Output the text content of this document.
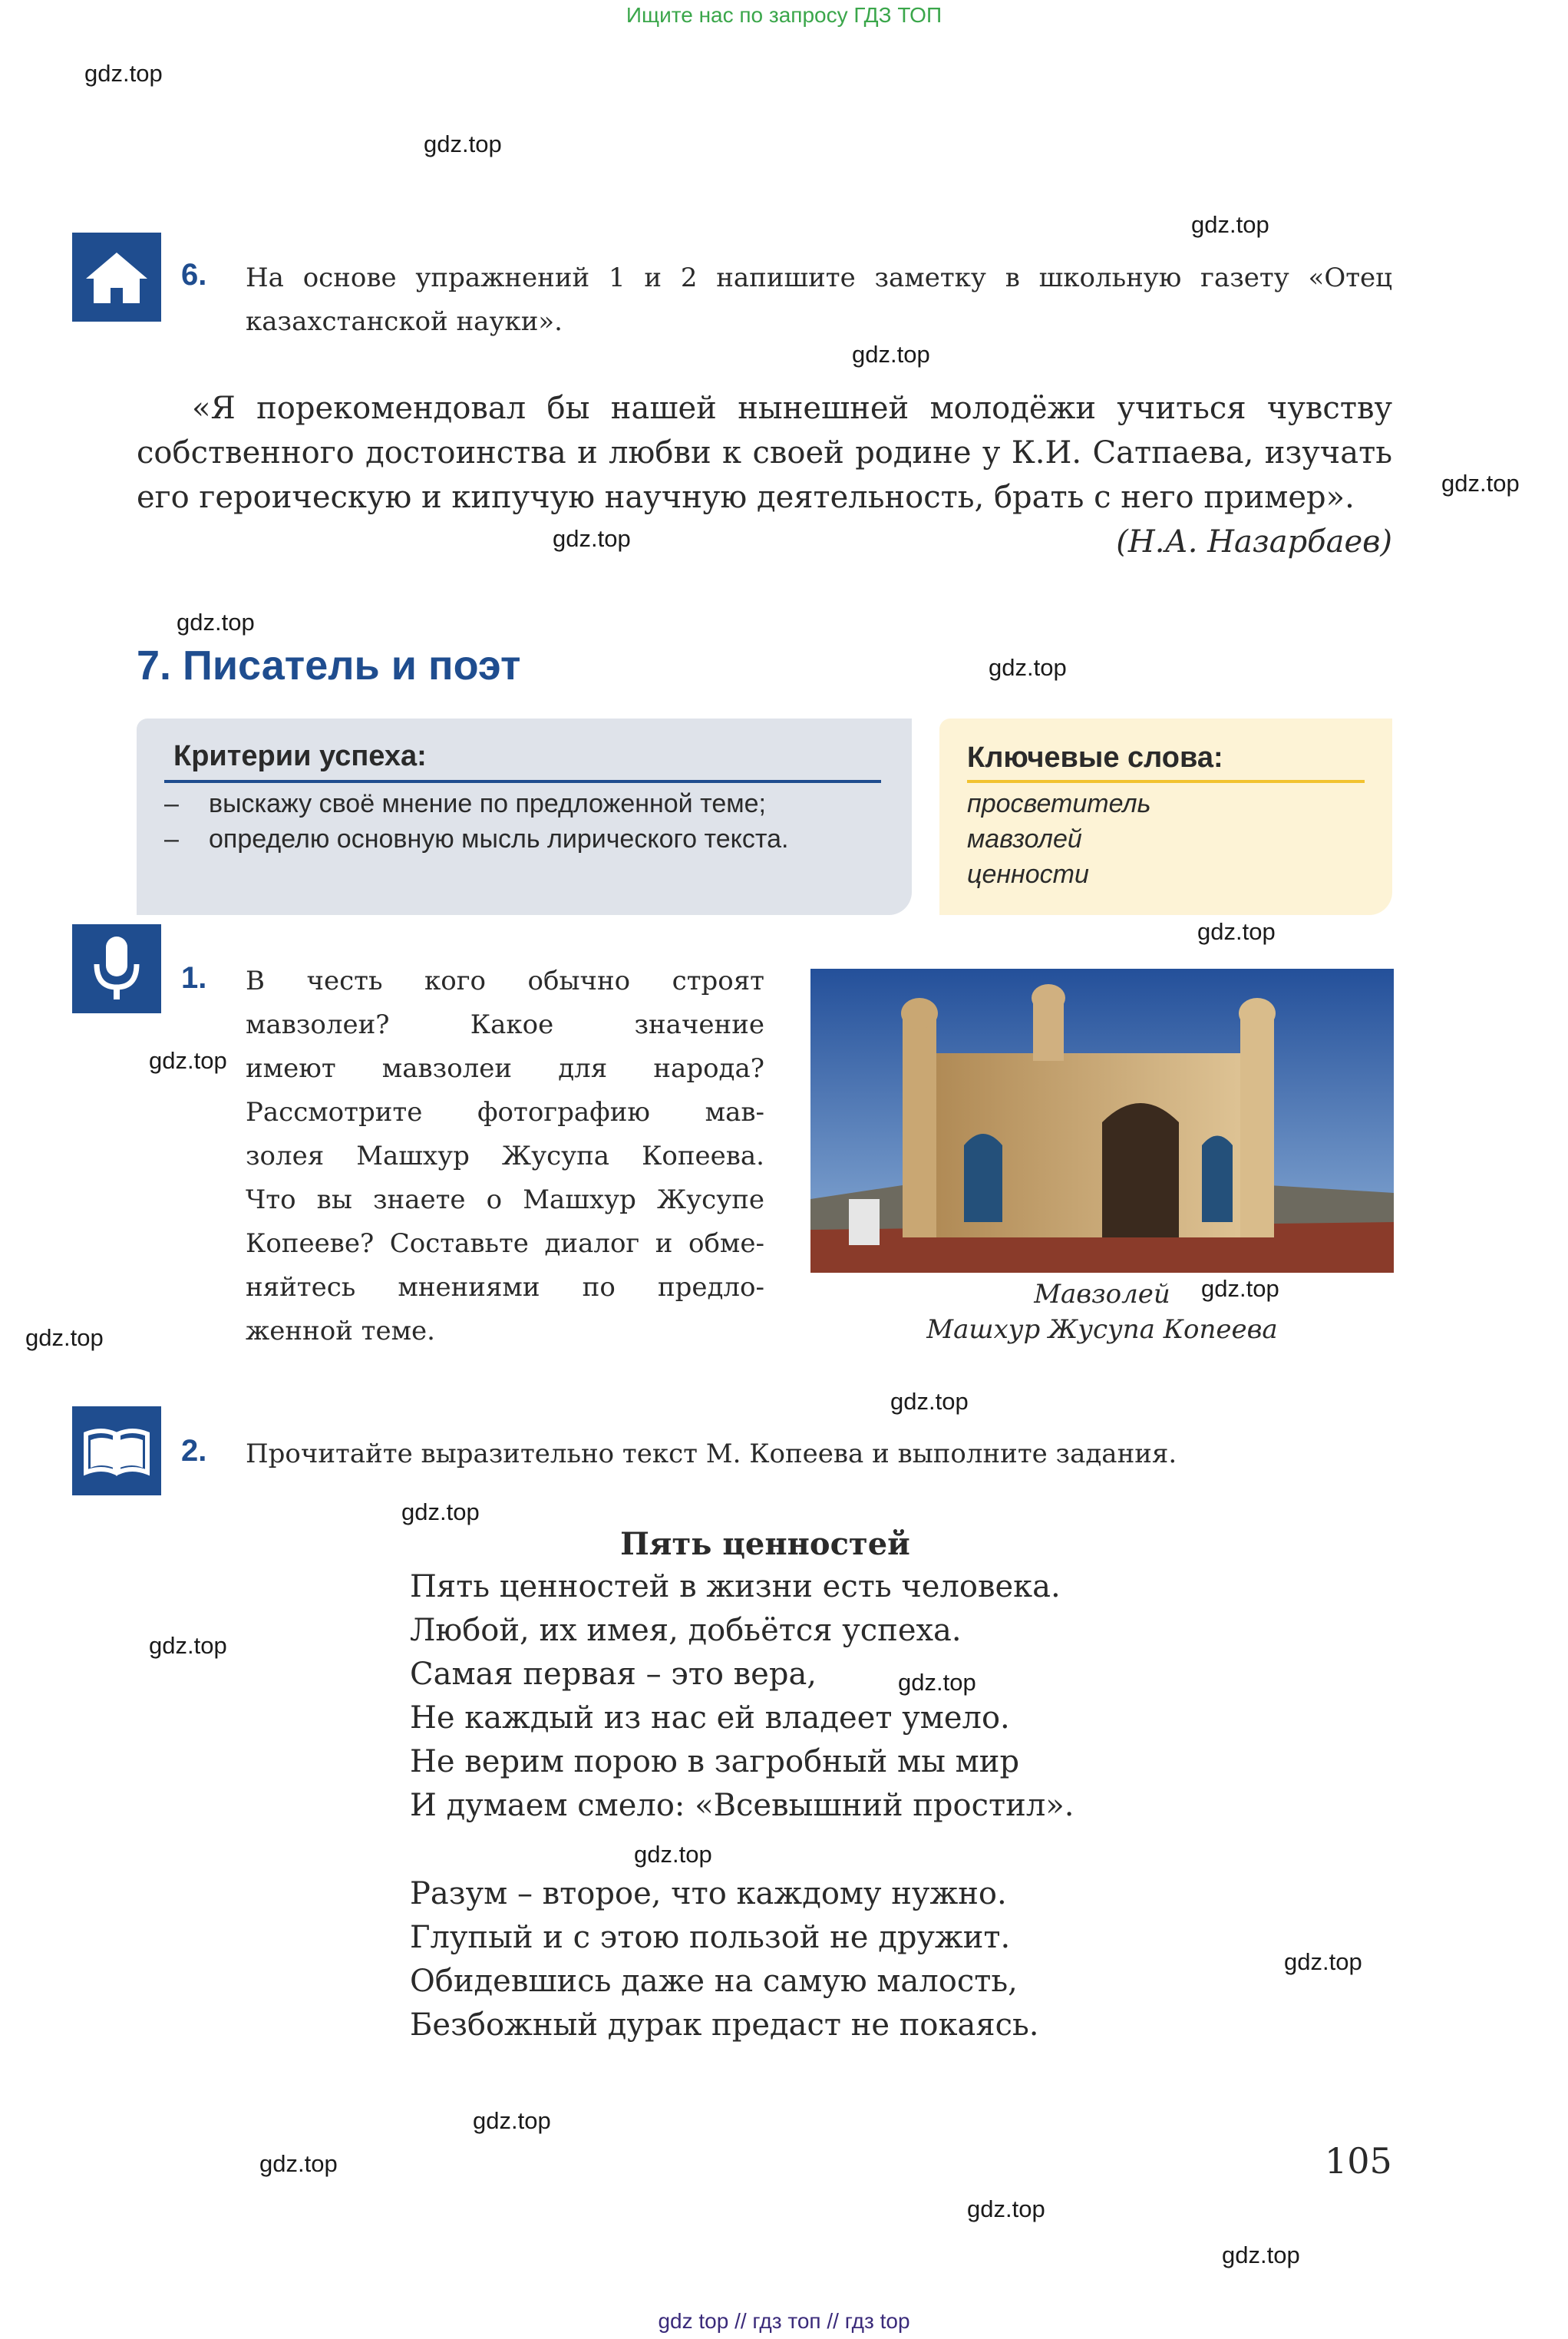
Ищите нас по запросу ГДЗ ТОП
gdz.top
gdz.top
gdz.top
gdz.top
gdz.top
gdz.top
gdz.top
gdz.top
gdz.top
gdz.top
gdz.top
gdz.top
gdz.top
gdz.top
gdz.top
gdz.top
gdz.top
gdz.top
gdz.top
gdz.top
gdz.top
gdz.top
6. На основе упражнений 1 и 2 напишите заметку в школьную газету «Отец казахстанской науки».
«Я порекомендовал бы нашей нынешней молодёжи учиться чувству собственного достоинства и любви к своей родине у К.И. Сатпаева, изучать его героическую и кипучую научную деятельность, брать с него пример».
(Н.А. Назарбаев)
7. Писатель и поэт
Критерии успеха:
– выскажу своё мнение по предложенной теме;
– определю основную мысль лирического текста.
Ключевые слова:
просветитель
мавзолей
ценности
1. В честь кого обычно строят
мавзолеи? Какое значение
имеют мавзолеи для народа?
Рассмотрите фотографию мав-
золея Машхур Жусупа Копеева.
Что вы знаете о Машхур Жусупе
Копееве? Составьте диалог и обме-
няйтесь мнениями по предло-
женной теме.
Мавзолей
Машхур Жусупа Копеева
2. Прочитайте выразительно текст М. Копеева и выполните задания.
Пять ценностей
Пять ценностей в жизни есть человека.
Любой, их имея, добьётся успеха.
Самая первая – это вера,
Не каждый из нас ей владеет умело.
Не верим порою в загробный мы мир
И думаем смело: «Всевышний простил».
Разум – второе, что каждому нужно.
Глупый и с этою пользой не дружит.
Обидевшись даже на самую малость,
Безбожный дурак предаст не покаясь.
105
gdz top // гдз топ // гдз top
